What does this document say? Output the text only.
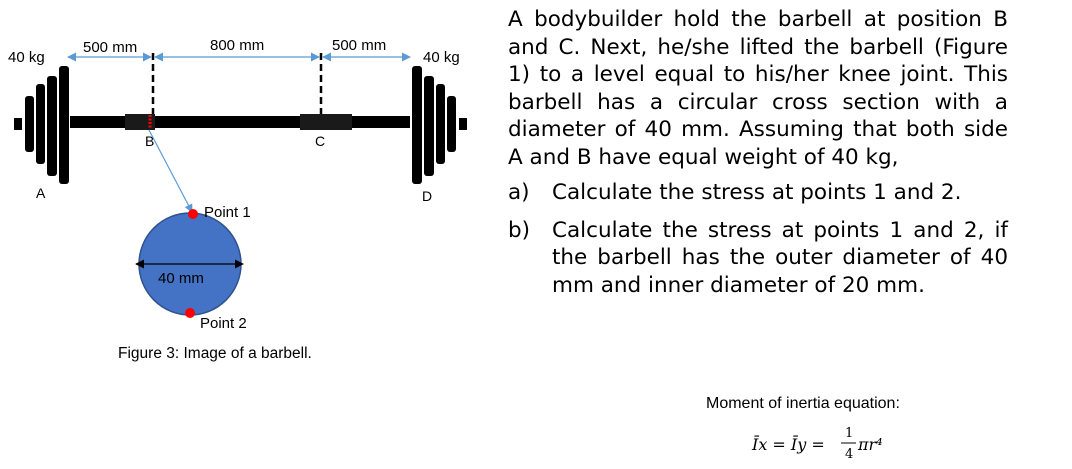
40 kg	40 kg
500 mm	800 mm	500 mm
A
B	C
D
40 mm
Point 1
Point 2
Figure 3: Image of a barbell.

A bodybuilder hold the barbell at position B and C. Next, he/she lifted the barbell (Figure 1) to a level equal to his/her knee joint. This barbell has a circular cross section with a diameter of 40 mm. Assuming that both side A and B have equal weight of 40 kg,

a) Calculate the stress at points 1 and 2.
b) Calculate the stress at points 1 and 2, if the barbell has the outer diameter of 40 mm and inner diameter of 20 mm.
Moment of inertia equation:
Īx = Īy =
1
4
πr⁴
